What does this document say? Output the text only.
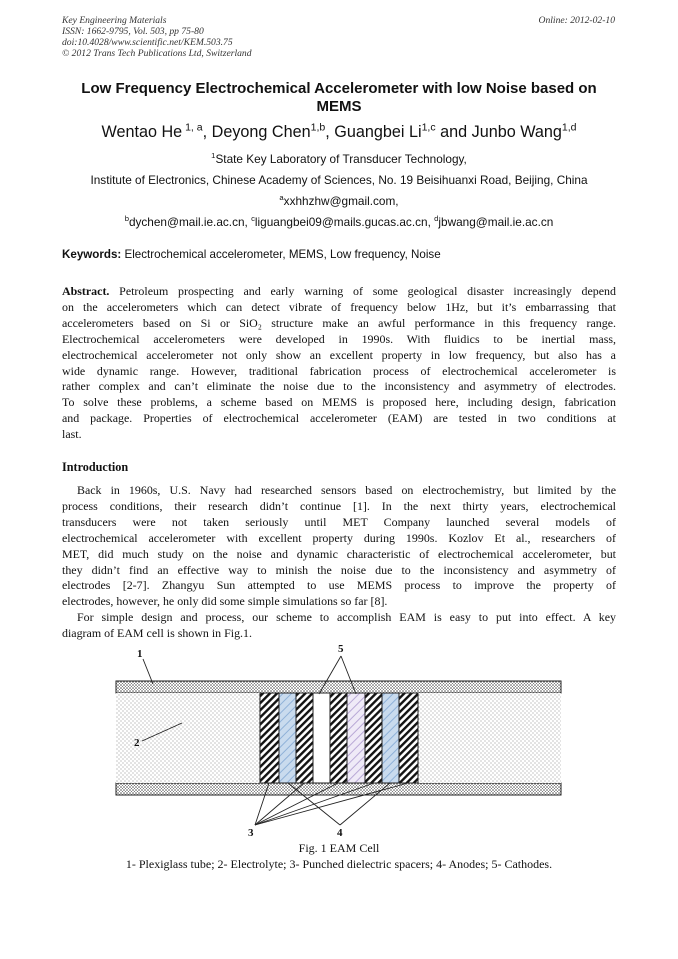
Key Engineering Materials
ISSN: 1662-9795, Vol. 503, pp 75-80
doi:10.4028/www.scientific.net/KEM.503.75
© 2012 Trans Tech Publications Ltd, Switzerland
Online: 2012-02-10
Low Frequency Electrochemical Accelerometer with low Noise based on MEMS
Wentao He $^{1, a}$, Deyong Chen$^{1,b}$, Guangbei Li$^{1,c}$ and Junbo Wang$^{1,d}$
$^1$State Key Laboratory of Transducer Technology,
Institute of Electronics, Chinese Academy of Sciences, No. 19 Beisihuanxi Road, Beijing, China
$^a$xxhhzhw@gmail.com,
$^b$dychen@mail.ie.ac.cn, $^c$liguangbei09@mails.gucas.ac.cn, $^d$jbwang@mail.ie.ac.cn
Keywords: Electrochemical accelerometer, MEMS, Low frequency, Noise
Abstract. Petroleum prospecting and early warning of some geological disaster increasingly depend
on the accelerometers which can detect vibrate of frequency below 1Hz, but it’s embarrassing that
accelerometers based on Si or SiO₂ structure make an awful performance in this frequency range.
Electrochemical accelerometers were developed in 1990s. With fluidics to be inertial mass,
electrochemical accelerometer not only show an excellent property in low frequency, but also has a
wide dynamic range. However, traditional fabrication process of electrochemical accelerometer is
rather complex and can’t eliminate the noise due to the inconsistency and asymmetry of electrodes.
To solve these problems, a scheme based on MEMS is proposed here, including design, fabrication
and package. Properties of electrochemical accelerometer (EAM) are tested in two conditions at
last.
Introduction
Back in 1960s, U.S. Navy had researched sensors based on electrochemistry, but limited by the
process conditions, their research didn’t continue [1]. In the next thirty years, electrochemical
transducers were not taken seriously until MET Company launched several models of
electrochemical accelerometer with excellent property during 1990s. Kozlov Et al., researchers of
MET, did much study on the noise and dynamic characteristic of electrochemical accelerometer, but
they didn’t find an effective way to minish the noise due to the inconsistency and asymmetry of
electrodes [2-7]. Zhangyu Sun attempted to use MEMS process to improve the property of
electrodes, however, he only did some simple simulations so far [8].
For simple design and process, our scheme to accomplish EAM is easy to put into effect. A key
diagram of EAM cell is shown in Fig.1.
1
2
3	4
5
Fig. 1 EAM Cell
1- Plexiglass tube; 2- Electrolyte; 3- Punched dielectric spacers; 4- Anodes; 5- Cathodes.
